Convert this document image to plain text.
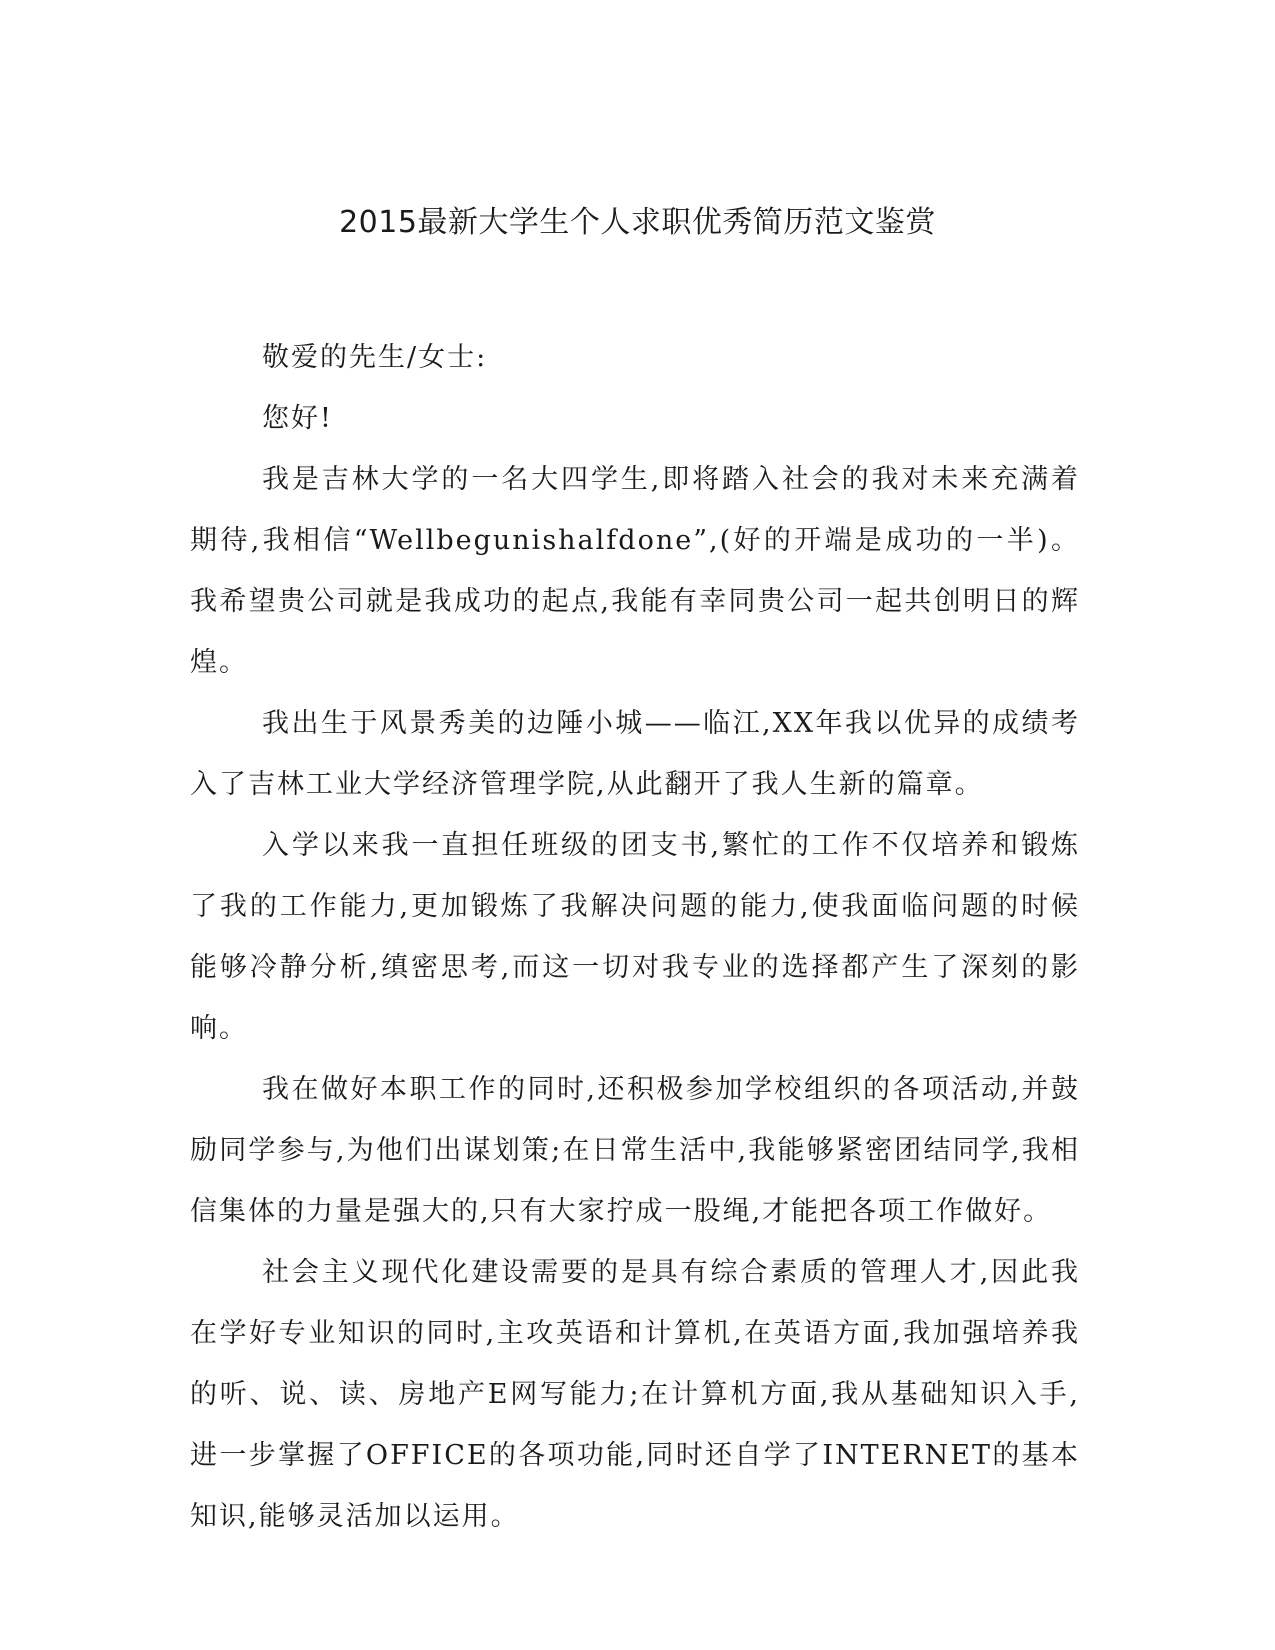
2015最新大学生个人求职优秀简历范文鉴赏

敬爱的先生/女士:

您好!

我是吉林大学的一名大四学生,即将踏入社会的我对未来充满着期待,我相信“Wellbegunishalfdone”,(好的开端是成功的一半)。我希望贵公司就是我成功的起点,我能有幸同贵公司一起共创明日的辉煌。

我出生于风景秀美的边陲小城——临江,XX年我以优异的成绩考入了吉林工业大学经济管理学院,从此翻开了我人生新的篇章。

入学以来我一直担任班级的团支书,繁忙的工作不仅培养和锻炼了我的工作能力,更加锻炼了我解决问题的能力,使我面临问题的时候能够冷静分析,缜密思考,而这一切对我专业的选择都产生了深刻的影响。

我在做好本职工作的同时,还积极参加学校组织的各项活动,并鼓励同学参与,为他们出谋划策;在日常生活中,我能够紧密团结同学,我相信集体的力量是强大的,只有大家拧成一股绳,才能把各项工作做好。

社会主义现代化建设需要的是具有综合素质的管理人才,因此我在学好专业知识的同时,主攻英语和计算机,在英语方面,我加强培养我的听、说、读、房地产E网写能力;在计算机方面,我从基础知识入手,进一步掌握了OFFICE的各项功能,同时还自学了INTERNET的基本知识,能够灵活加以运用。
